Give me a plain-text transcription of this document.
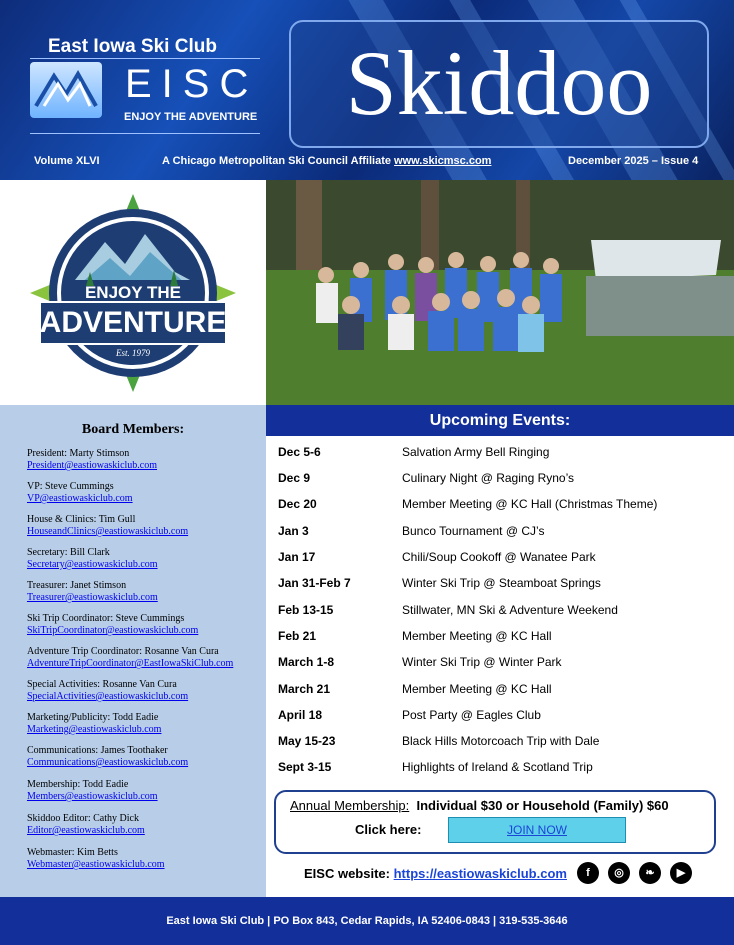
East Iowa Ski Club
EISC
ENJOY THE ADVENTURE Skiddoo
Volume XLVI	A Chicago Metropolitan Ski Council Affiliate www.skicmsc.com	December 2025 – Issue 4
ENJOY THE
ADVENTURE
Est. 1979
Board Members:
President: Marty Stimson
President@eastiowaskiclub.com
VP: Steve Cummings
VP@eastiowaskiclub.com
House & Clinics: Tim Gull
HouseandClinics@eastiowaskiclub.com
Secretary: Bill Clark
Secretary@eastiowaskiclub.com
Treasurer: Janet Stimson
Treasurer@eastiowaskiclub.com
Ski Trip Coordinator: Steve Cummings
SkiTripCoordinator@eastiowaskiclub.com
Adventure Trip Coordinator: Rosanne Van Cura
AdventureTripCoordinator@EastIowaSkiClub.com
Special Activities: Rosanne Van Cura
SpecialActivities@eastiowaskiclub.com
Marketing/Publicity: Todd Eadie
Marketing@eastiowaskiclub.com
Communications: James Toothaker
Communications@eastiowaskiclub.com
Membership: Todd Eadie
Members@eastiowaskiclub.com
Skiddoo Editor: Cathy Dick
Editor@eastiowaskiclub.com
Webmaster: Kim Betts
Webmaster@eastiowaskiclub.com
Upcoming Events:
Dec 5-6	Salvation Army Bell Ringing
Dec 9	Culinary Night @ Raging Ryno’s
Dec 20	Member Meeting @ KC Hall (Christmas Theme)
Jan 3	Bunco Tournament @ CJ’s
Jan 17	Chili/Soup Cookoff @ Wanatee Park
Jan 31-Feb 7	Winter Ski Trip @ Steamboat Springs
Feb 13-15	Stillwater, MN Ski & Adventure Weekend
Feb 21	Member Meeting @ KC Hall
March 1-8	Winter Ski Trip @ Winter Park
March 21	Member Meeting @ KC Hall
April 18	Post Party @ Eagles Club
May 15-23	Black Hills Motorcoach Trip with Dale
Sept 3-15	Highlights of Ireland & Scotland Trip
Annual Membership: Individual $30 or Household (Family) $60
Click here:	JOIN NOW
EISC website: https://eastiowaskiclub.com	f	◎	❧	▶
East Iowa Ski Club | PO Box 843, Cedar Rapids, IA 52406-0843 | 319-535-3646
